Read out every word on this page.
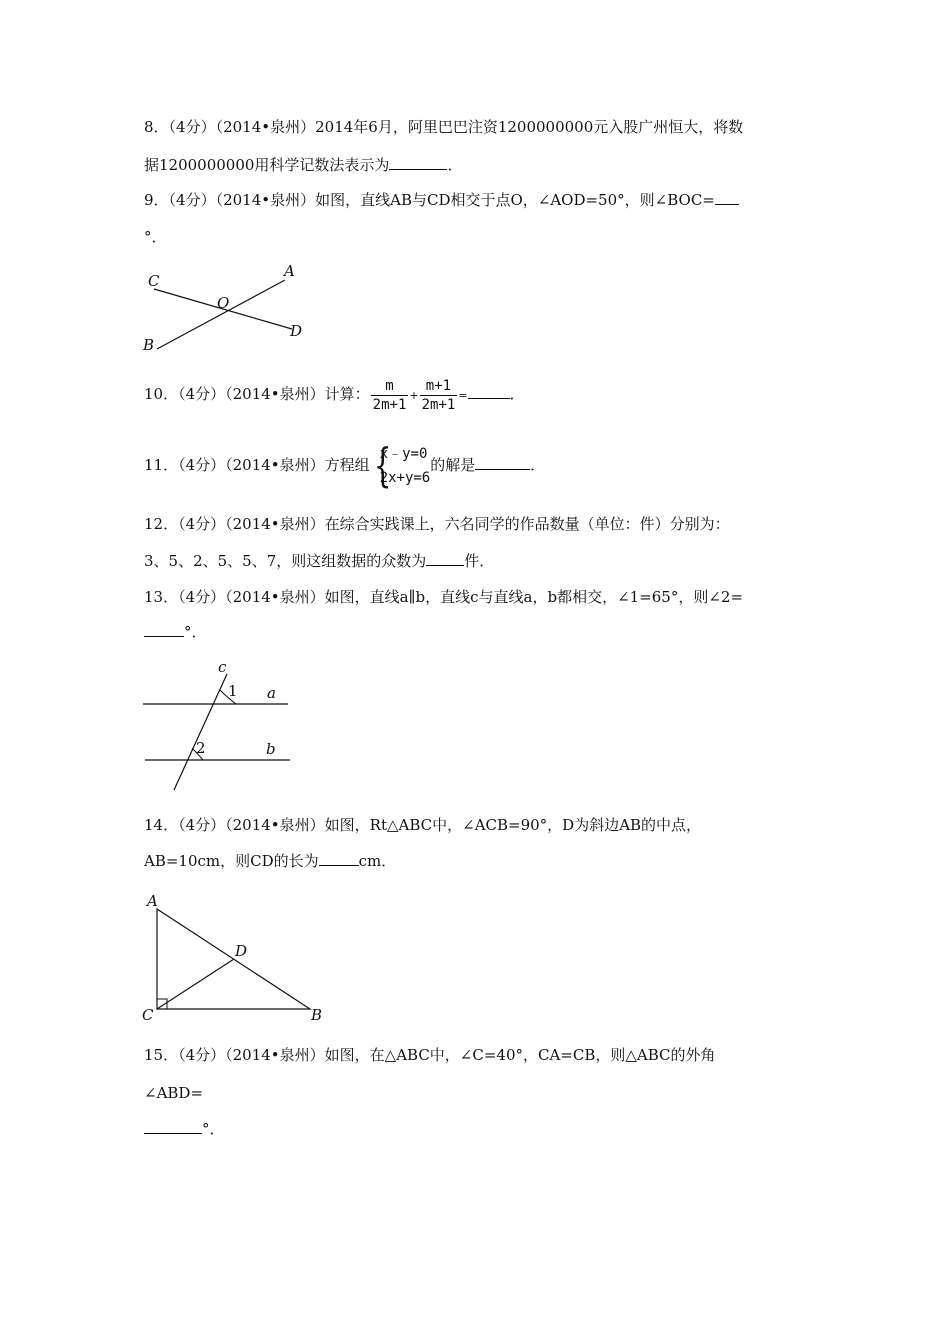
8．（4分）（2014•泉州）2014年6月，阿里巴巴注资1200000000元入股广州恒大，将数
据1200000000用科学记数法表示为	．
9．（4分）（2014•泉州）如图，直线AB与CD相交于点O，∠AOD=50°，则∠BOC=
°．
C
A
O
D
B
10．（4分）（2014•泉州）计算： $\frac{m}{2m+1} + \frac{m+1}{2m+1}$ =	．
11．（4分）（2014•泉州）方程组 {
x﹣y=0
2x+y=6
的解是	．
12．（4分）（2014•泉州）在综合实践课上，六名同学的作品数量（单位：件）分别为：
3、5、2、5、5、7，则这组数据的众数为	件．
13．（4分）（2014•泉州）如图，直线a∥b，直线c与直线a，b都相交，∠1=65°，则∠2=
°．
c
1 a
2	b
14．（4分）（2014•泉州）如图，Rt△ABC中，∠ACB=90°，D为斜边AB的中点，
AB=10cm，则CD的长为	cm．
A
D
C	B
15．（4分）（2014•泉州）如图，在△ABC中，∠C=40°，CA=CB，则△ABC的外角
∠ABD=
°．
